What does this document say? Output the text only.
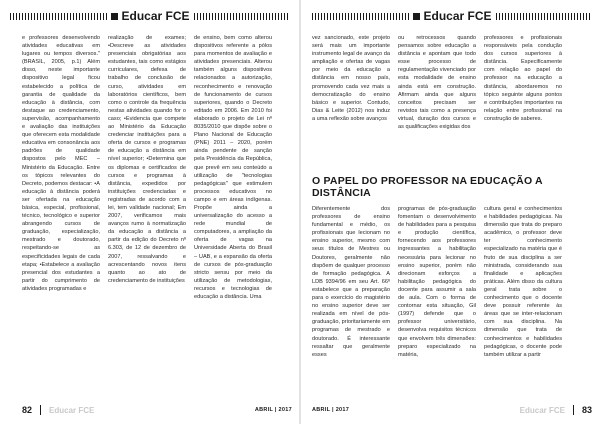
Educar FCE

e professores desenvolvendo atividades educativas em lugares ou tempos diversos." (BRASIL, 2005, p.1) Além disso, neste importante dispositivo legal ficou estabelecido a política de garantia de qualidade da educação à distância, com destaque ao credenciamento, supervisão, acompanhamento e avaliação das instituições que oferecem esta modalidade educativa em consonância aos padrões de qualidade dispostos pelo MEC – Ministério da Educação. Entre os tópicos relevantes do Decreto, podemos destacar: •A educação à distância poderá ser ofertada na educação básica, especial, profissional, técnico, tecnológico e superior abrangendo cursos de graduação, especialização, mestrado e doutorado, respeitando-se as especificidades legais de cada etapa; •Estabelece a avaliação presencial dos estudantes a partir do cumprimento de atividades programadas e

realização de exames; •Descreve as atividades presenciais obrigatórias aos estudantes, tais como estágios curriculares, defesa de trabalho de conclusão de curso, atividades em laboratórios científicos, bem como o controle da frequência nestas atividades quando for o caso; •Evidencia que compete ao Ministério da Educação credenciar instituições para a oferta de cursos e programas de educação a distância em nível superior; •Determina que os diplomas e certificados de cursos e programas à distância, expedidos por instituições credenciadas e registradas de acordo com a lei, tem validade nacional; Em 2007, verificamos mais avanços rumo à normatização da educação a distância a partir da edição do Decreto nº 6.303, de 12 de dezembro de 2007, ressalvando e acrescentando novos itens quanto ao ato de credenciamento de instituições

de ensino, bem como alterou dispositivos referente a pólos para momentos de avaliação e atividades presenciais. Alterou também alguns dispositivos relacionados a autorização, reconhecimento e renovação de funcionamento de cursos superiores, quando o Decreto editado em 2006. Em 2010 foi elaborado o projeto de Lei nº 8035/2010 que dispõe sobre o Plano Nacional de Educação (PNE) 2011 – 2020, porém ainda pendente de sanção pela Presidência da República, que prevê em seu conteúdo a utilização de "tecnologias pedagógicas" que estimulem processos educativos no campo e em áreas indígenas. Propõe ainda a universalização do acesso a rede mundial de computadores, a ampliação da oferta de vagas na Universidade Aberta do Brasil – UAB, e a expansão da oferta de cursos de pós-graduação stricto sensu por meio da utilização de metodologias, recursos e tecnologias de educação a distância. Uma

82 Educar FCE	ABRIL | 2017
Educar FCE

vez sancionado, este projeto será mais um importante instrumento legal de avanço da ampliação e ofertas de vagas por meio da educação a distância em nosso país, promovendo cada vez mais a democratização do ensino básico e superior. Contudo, Dias & Leite (2012) nos induz a uma reflexão sobre avanços

ou retrocessos quando pensamos sobre educação a distância e apontam que todo esse processo de regulamentação vivenciado por esta modalidade de ensino ainda está em construção. Afirmam ainda que alguns conceitos precisam ser revistos tais como a presença virtual, duração dos cursos e as qualificações exigidas dos

professores e profissionais responsáveis pela condução dos cursos superiores à distância. Especificamente com relação ao papel do professor na educação a distância, abordaremos no tópico seguinte alguns pontos e contribuições importantes na relação entre profissional na construção de saberes.

O PAPEL DO PROFESSOR NA EDUCAÇÃO A DISTÂNCIA

Diferentemente dos professores de ensino fundamental e médio, os profissionais que lecionam no ensino superior, mesmo com seus títulos de Mestres ou Doutores, geralmente não dispõem de qualquer processo de formação pedagógica. A LDB 9394/96 em seu Art. 66º estabelece que a preparação para o exercício do magistério no ensino superior deve ser realizada em nível de pós-graduação, prioritariamente em programas de mestrado e doutorado. É interessante ressaltar que geralmente esses

programas de pós-graduação fomentam o desenvolvimento de habilidades para a pesquisa e produção científica, fornecendo aos professores ingressantes a habilitação necessária para lecionar no ensino superior, porém não direcionam esforços a habilitação pedagógica do docente para assumir a sala de aula. Com o forma de contornar esta situação, Gil (1997) defende que o professor universitário, desenvolva requisitos técnicos que envolvem três dimensões: preparo especializado na matéria,

cultura geral e conhecimentos e habilidades pedagógicas. Na dimensão que trata do preparo acadêmico, o professor deve ter conhecimento especializado na matéria que é fruto de sua disciplina a ser ministrada, considerando sua finalidade e aplicações práticas. Além disso da cultura geral trata sobre o conhecimento que o docente deve possuir referente às áreas que se inter-relacionam com sua disciplina. Na dimensão que trata de conhecimentos e habilidades pedagógicas, o docente pode também utilizar a partir

ABRIL | 2017	Educar FCE 83
